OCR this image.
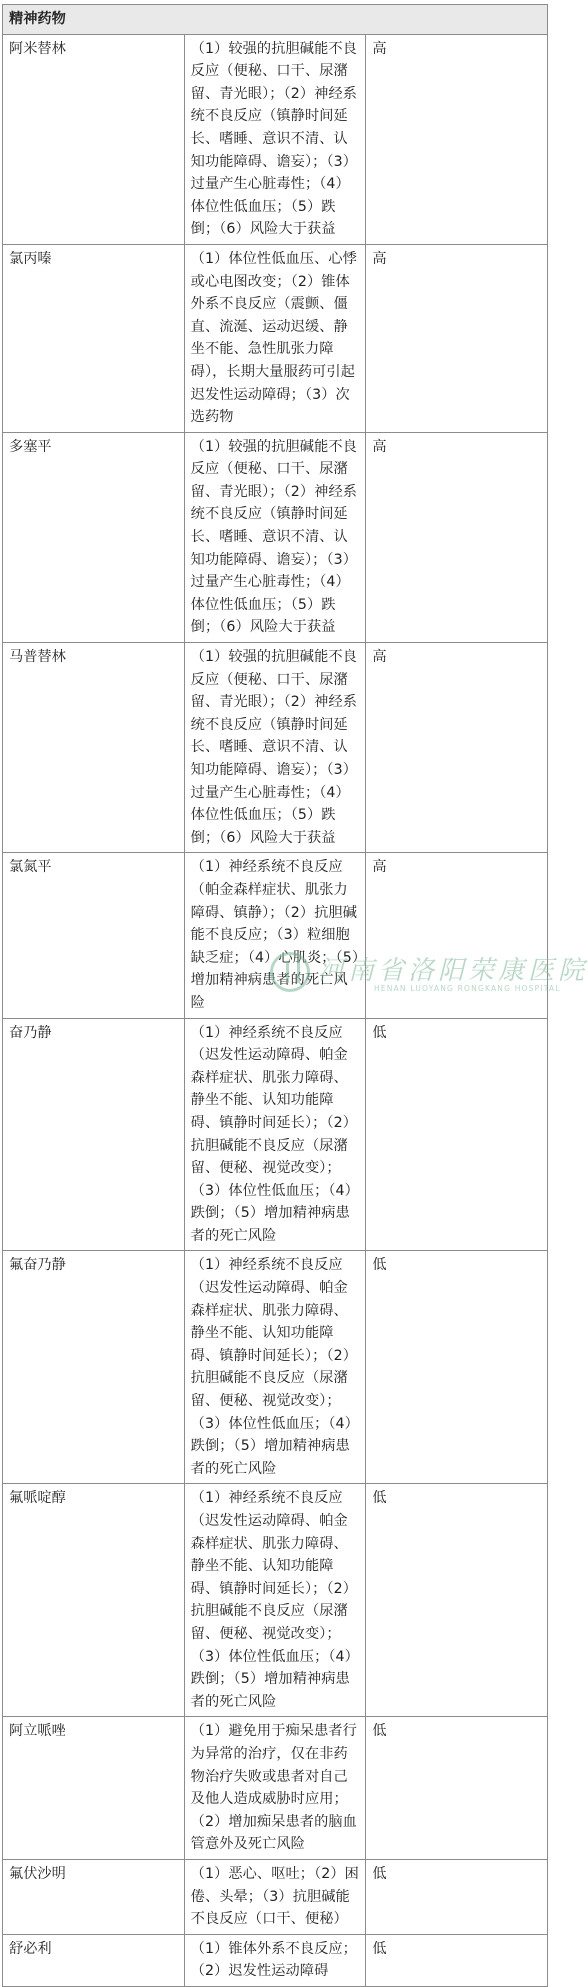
精神药物		
阿米替林	（1）较强的抗胆碱能不良反应（便秘、口干、尿潴留、青光眼）；（2）神经系统不良反应（镇静时间延长、嗜睡、意识不清、认知功能障碍、谵妄）；（3）过量产生心脏毒性；（4）体位性低血压；（5）跌倒；（6）风险大于获益	高
氯丙嗪	（1）体位性低血压、心悸或心电图改变；（2）锥体外系不良反应（震颤、僵直、流涎、运动迟缓、静坐不能、急性肌张力障碍），长期大量服药可引起迟发性运动障碍；（3）次选药物	高
多塞平	（1）较强的抗胆碱能不良反应（便秘、口干、尿潴留、青光眼）；（2）神经系统不良反应（镇静时间延长、嗜睡、意识不清、认知功能障碍、谵妄）；（3）过量产生心脏毒性；（4）体位性低血压；（5）跌倒；（6）风险大于获益	高
马普替林	（1）较强的抗胆碱能不良反应（便秘、口干、尿潴留、青光眼）；（2）神经系统不良反应（镇静时间延长、嗜睡、意识不清、认知功能障碍、谵妄）；（3）过量产生心脏毒性；（4）体位性低血压；（5）跌倒；（6）风险大于获益	高
氯氮平	（1）神经系统不良反应（帕金森样症状、肌张力障碍、镇静）；（2）抗胆碱能不良反应；（3）粒细胞缺乏症；（4）心肌炎；（5）增加精神病患者的死亡风险	高
奋乃静	（1）神经系统不良反应（迟发性运动障碍、帕金森样症状、肌张力障碍、静坐不能、认知功能障碍、镇静时间延长）；（2）抗胆碱能不良反应（尿潴留、便秘、视觉改变）；（3）体位性低血压；（4）跌倒；（5）增加精神病患者的死亡风险	低
氟奋乃静	（1）神经系统不良反应（迟发性运动障碍、帕金森样症状、肌张力障碍、静坐不能、认知功能障碍、镇静时间延长）；（2）抗胆碱能不良反应（尿潴留、便秘、视觉改变）；（3）体位性低血压；（4）跌倒；（5）增加精神病患者的死亡风险	低
氟哌啶醇	（1）神经系统不良反应（迟发性运动障碍、帕金森样症状、肌张力障碍、静坐不能、认知功能障碍、镇静时间延长）；（2）抗胆碱能不良反应（尿潴留、便秘、视觉改变）；（3）体位性低血压；（4）跌倒；（5）增加精神病患者的死亡风险	低
阿立哌唑	（1）避免用于痴呆患者行为异常的治疗，仅在非药物治疗失败或患者对自己及他人造成威胁时应用；（2）增加痴呆患者的脑血管意外及死亡风险	低
氟伏沙明	（1）恶心、呕吐；（2）困倦、头晕；（3）抗胆碱能不良反应（口干、便秘）	低
舒必利	（1）锥体外系不良反应；（2）迟发性运动障碍	低
河南省洛阳荣康医院
HENAN LUOYANG RONGKANG HOSPITAL
